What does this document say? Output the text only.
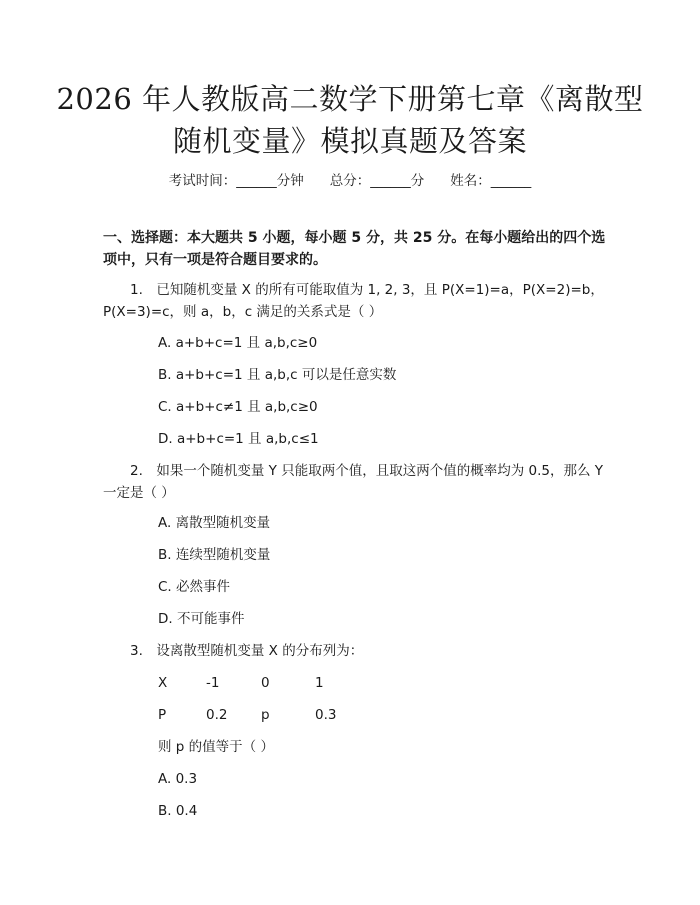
2026 年人教版高二数学下册第七章《离散型
随机变量》模拟真题及答案
考试时间：______分钟 总分：______分 姓名：______
一、选择题：本大题共 5 小题，每小题 5 分，共 25 分。在每小题给出的四个选项中，只有一项是符合题目要求的。
1.　已知随机变量 X 的所有可能取值为 1, 2, 3，且 P(X=1)=a，P(X=2)=b，P(X=3)=c，则 a，b，c 满足的关系式是（ ）
A. a+b+c=1 且 a,b,c≥0
B. a+b+c=1 且 a,b,c 可以是任意实数
C. a+b+c≠1 且 a,b,c≥0
D. a+b+c=1 且 a,b,c≤1
2.　如果一个随机变量 Y 只能取两个值，且取这两个值的概率均为 0.5，那么 Y 一定是（ ）
A. 离散型随机变量
B. 连续型随机变量
C. 必然事件
D. 不可能事件
3.　设离散型随机变量 X 的分布列为：
X	-1	0	1
P	0.2 p	0.3
则 p 的值等于（ ）
A. 0.3
B. 0.4
